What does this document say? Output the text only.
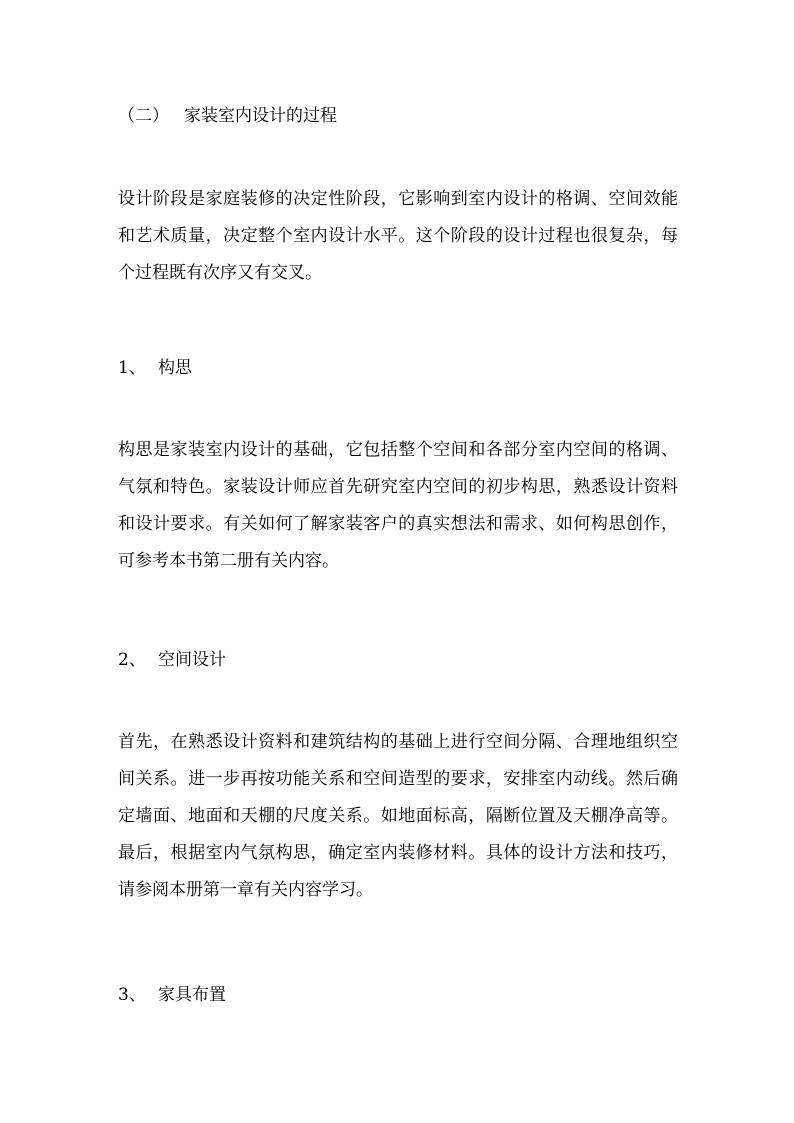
（二） 家装室内设计的过程

设计阶段是家庭装修的决定性阶段，它影响到室内设计的格调、空间效能和艺术质量，决定整个室内设计水平。这个阶段的设计过程也很复杂，每个过程既有次序又有交叉。

1、 构思

构思是家装室内设计的基础，它包括整个空间和各部分室内空间的格调、气氛和特色。家装设计师应首先研究室内空间的初步构思，熟悉设计资料和设计要求。有关如何了解家装客户的真实想法和需求、如何构思创作，可参考本书第二册有关内容。

2、 空间设计

首先，在熟悉设计资料和建筑结构的基础上进行空间分隔、合理地组织空间关系。进一步再按功能关系和空间造型的要求，安排室内动线。然后确定墙面、地面和天棚的尺度关系。如地面标高，隔断位置及天棚净高等。最后，根据室内气氛构思，确定室内装修材料。具体的设计方法和技巧，请参阅本册第一章有关内容学习。

3、 家具布置
